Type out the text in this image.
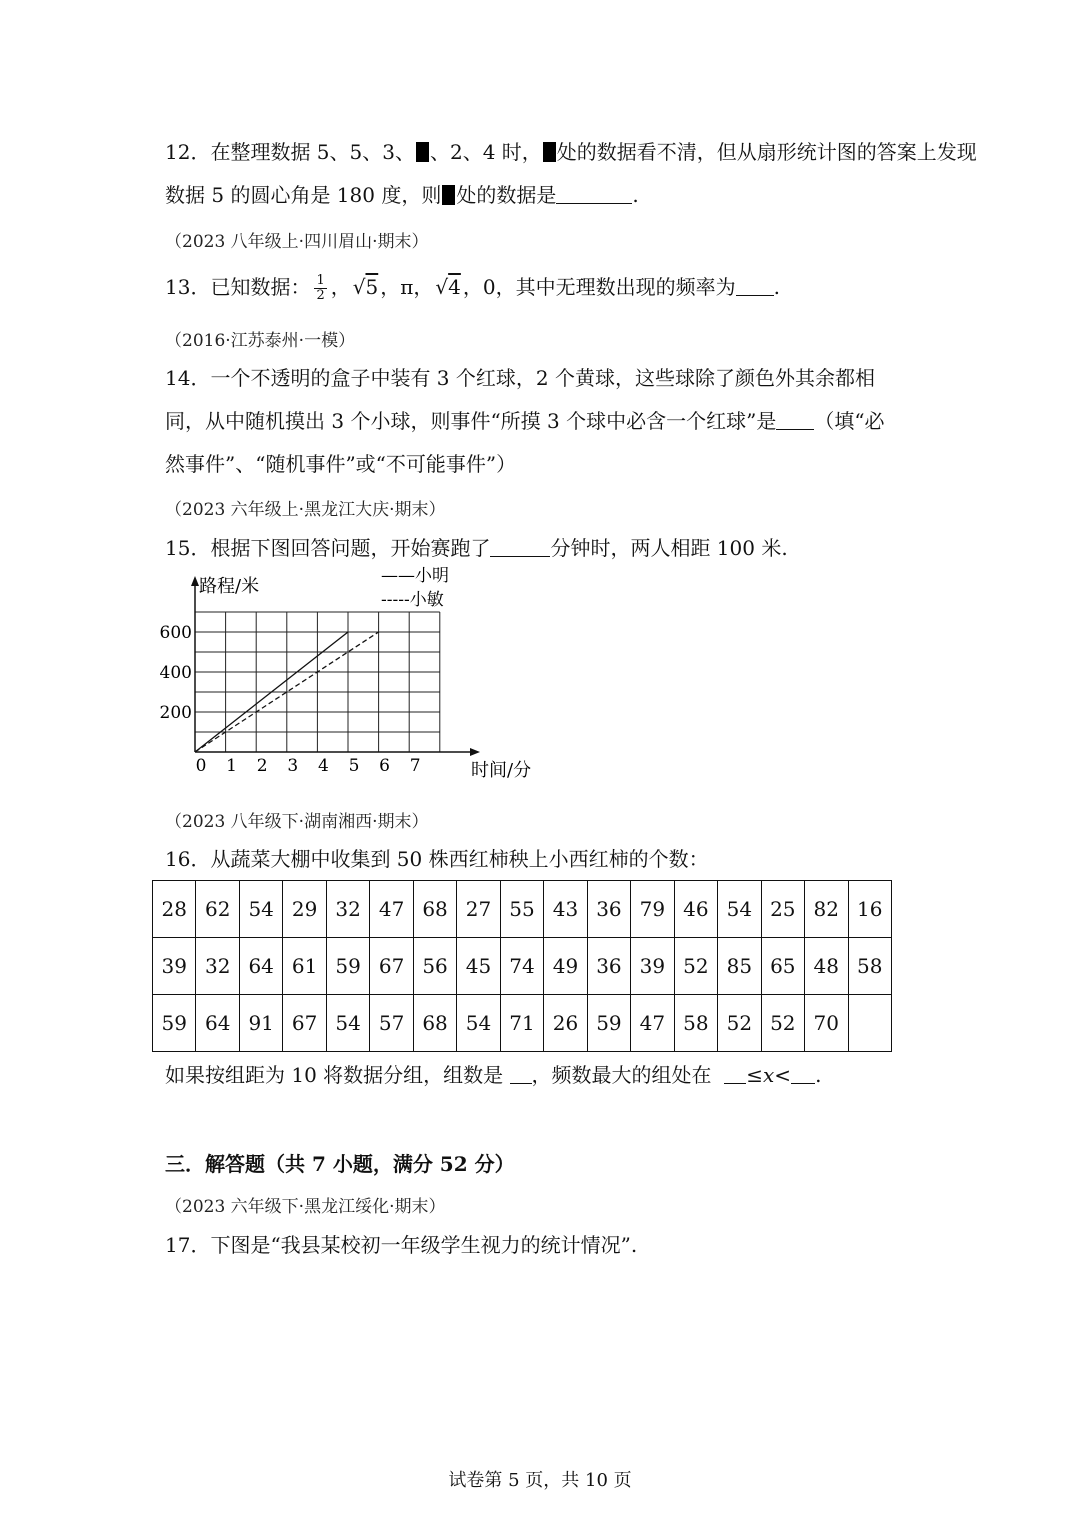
12．在整理数据 5、5、3、 、2、4 时， 处的数据看不清，但从扇形统计图的答案上发现
数据 5 的圆心角是 180 度，则 处的数据是	.
（2023 八年级上·四川眉山·期末）
13．已知数据： $\frac{1}{2}$ ， √5 ，π， √4 ，0，其中无理数出现的频率为 .
（2016·江苏泰州·一模）
14．一个不透明的盒子中装有 3 个红球，2 个黄球，这些球除了颜色外其余都相
同，从中随机摸出 3 个小球，则事件“所摸 3 个球中必含一个红球”是 （填“必
然事件”、“随机事件”或“不可能事件”）
（2023 六年级上·黑龙江大庆·期末）
15．根据下图回答问题，开始赛跑了	分钟时，两人相距 100 米.
0 1 2 3 4 5 6 7
200
400
600
路程/米
时间/分
——小明
-----小敏
（2023 八年级下·湖南湘西·期末）
16．从蔬菜大棚中收集到 50 株西红柿秧上小西红柿的个数：
28	62	54	29	32	47	68	27	55	43	36	79	46	54	25	82	16
39	32	64	61	59	67	56	45	74	49	36	39	52	85	65	48	58
59	64	91	67	54	57	68	54	71	26	59	47	58	52	52	70	
如果按组距为 10 将数据分组，组数是 ，频数最大的组处在 ≤x< .
三．解答题（共 7 小题，满分 52 分）
（2023 六年级下·黑龙江绥化·期末）
17．下图是“我县某校初一年级学生视力的统计情况”.
试卷第 5 页，共 10 页
